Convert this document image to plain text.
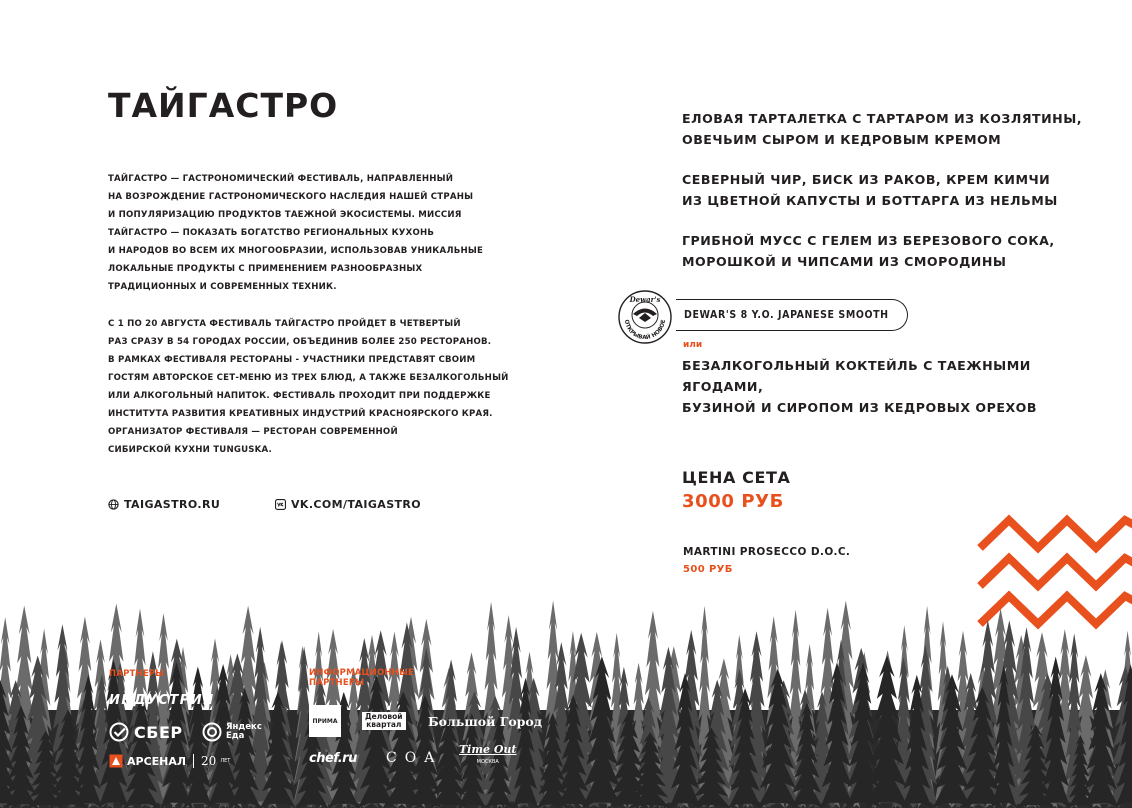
ТАЙГАСТРО

ТАЙГАСТРО — ГАСТРОНОМИЧЕСКИЙ ФЕСТИВАЛЬ, НАПРАВЛЕННЫЙ
НА ВОЗРОЖДЕНИЕ ГАСТРОНОМИЧЕСКОГО НАСЛЕДИЯ НАШЕЙ СТРАНЫ
И ПОПУЛЯРИЗАЦИЮ ПРОДУКТОВ ТАЕЖНОЙ ЭКОСИСТЕМЫ. МИССИЯ
ТАЙГАСТРО — ПОКАЗАТЬ БОГАТСТВО РЕГИОНАЛЬНЫХ КУХОНЬ
И НАРОДОВ ВО ВСЕМ ИХ МНОГООБРАЗИИ, ИСПОЛЬЗОВАВ УНИКАЛЬНЫЕ
ЛОКАЛЬНЫЕ ПРОДУКТЫ С ПРИМЕНЕНИЕМ РАЗНООБРАЗНЫХ
ТРАДИЦИОННЫХ И СОВРЕМЕННЫХ ТЕХНИК.

С 1 ПО 20 АВГУСТА ФЕСТИВАЛЬ ТАЙГАСТРО ПРОЙДЕТ В ЧЕТВЕРТЫЙ
РАЗ СРАЗУ В 54 ГОРОДАХ РОССИИ, ОБЪЕДИНИВ БОЛЕЕ 250 РЕСТОРАНОВ.
В РАМКАХ ФЕСТИВАЛЯ РЕСТОРАНЫ - УЧАСТНИКИ ПРЕДСТАВЯТ СВОИМ
ГОСТЯМ АВТОРСКОЕ СЕТ-МЕНЮ ИЗ ТРЕХ БЛЮД, А ТАКЖЕ БЕЗАЛКОГОЛЬНЫЙ
ИЛИ АЛКОГОЛЬНЫЙ НАПИТОК. ФЕСТИВАЛЬ ПРОХОДИТ ПРИ ПОДДЕРЖКЕ
ИНСТИТУТА РАЗВИТИЯ КРЕАТИВНЫХ ИНДУСТРИЙ КРАСНОЯРСКОГО КРАЯ.
ОРГАНИЗАТОР ФЕСТИВАЛЯ — РЕСТОРАН СОВРЕМЕННОЙ
СИБИРСКОЙ КУХНИ TUNGUSKA.

TAIGASTRO.RU	VK.COM/TAIGASTRO
ЕЛОВАЯ ТАРТАЛЕТКА С ТАРТАРОМ ИЗ КОЗЛЯТИНЫ,
ОВЕЧЬИМ СЫРОМ И КЕДРОВЫМ КРЕМОМ
СЕВЕРНЫЙ ЧИР, БИСК ИЗ РАКОВ, КРЕМ КИМЧИ
ИЗ ЦВЕТНОЙ КАПУСТЫ И БОТТАРГА ИЗ НЕЛЬМЫ
ГРИБНОЙ МУСС С ГЕЛЕМ ИЗ БЕРЕЗОВОГО СОКА,
МОРОШКОЙ И ЧИПСАМИ ИЗ СМОРОДИНЫ
Dewar's
ОТКРЫВАЙ НОВОЕ
DEWAR'S 8 Y.O. JAPANESE SMOOTH
или
БЕЗАЛКОГОЛЬНЫЙ КОКТЕЙЛЬ С ТАЕЖНЫМИ ЯГОДАМИ,
БУЗИНОЙ И СИРОПОМ ИЗ КЕДРОВЫХ ОРЕХОВ
ЦЕНА СЕТА
3000 РУБ
MARTINI PROSECCO D.O.C.
500 РУБ
ПАРТНЕРЫ
ИНДУСТРИЯ
СБЕР	Яндекс
Еда
АРСЕНАЛ 20 ЛЕТ
ИНФОРМАЦИОННЫЕ
ПАРТНЕРЫ
ПРИМА	Деловой
квартал Большой Город
chef.ru COA
Time Out
МОСКВА
